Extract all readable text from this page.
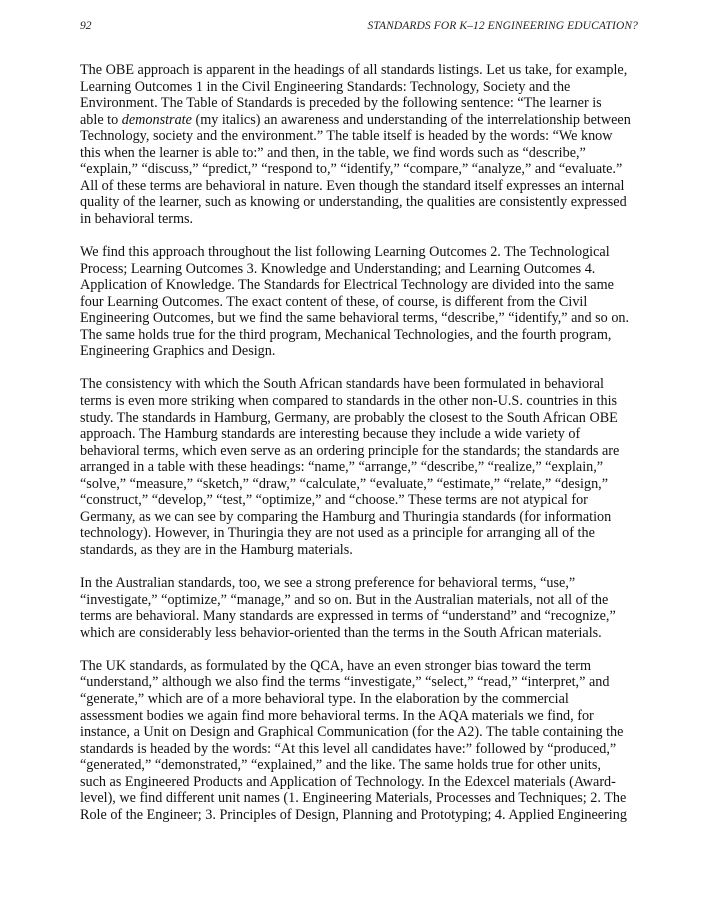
92	STANDARDS FOR K–12 ENGINEERING EDUCATION?

The OBE approach is apparent in the headings of all standards listings. Let us take, for example,
Learning Outcomes 1 in the Civil Engineering Standards: Technology, Society and the
Environment. The Table of Standards is preceded by the following sentence: “The learner is
able to demonstrate (my italics) an awareness and understanding of the interrelationship between
Technology, society and the environment.” The table itself is headed by the words: “We know
this when the learner is able to:” and then, in the table, we find words such as “describe,”
“explain,” “discuss,” “predict,” “respond to,” “identify,” “compare,” “analyze,” and “evaluate.”
All of these terms are behavioral in nature. Even though the standard itself expresses an internal
quality of the learner, such as knowing or understanding, the qualities are consistently expressed
in behavioral terms.

We find this approach throughout the list following Learning Outcomes 2. The Technological
Process; Learning Outcomes 3. Knowledge and Understanding; and Learning Outcomes 4.
Application of Knowledge. The Standards for Electrical Technology are divided into the same
four Learning Outcomes. The exact content of these, of course, is different from the Civil
Engineering Outcomes, but we find the same behavioral terms, “describe,” “identify,” and so on.
The same holds true for the third program, Mechanical Technologies, and the fourth program,
Engineering Graphics and Design.

The consistency with which the South African standards have been formulated in behavioral
terms is even more striking when compared to standards in the other non-U.S. countries in this
study. The standards in Hamburg, Germany, are probably the closest to the South African OBE
approach. The Hamburg standards are interesting because they include a wide variety of
behavioral terms, which even serve as an ordering principle for the standards; the standards are
arranged in a table with these headings: “name,” “arrange,” “describe,” “realize,” “explain,”
“solve,” “measure,” “sketch,” “draw,” “calculate,” “evaluate,” “estimate,” “relate,” “design,”
“construct,” “develop,” “test,” “optimize,” and “choose.” These terms are not atypical for
Germany, as we can see by comparing the Hamburg and Thuringia standards (for information
technology). However, in Thuringia they are not used as a principle for arranging all of the
standards, as they are in the Hamburg materials.

In the Australian standards, too, we see a strong preference for behavioral terms, “use,”
“investigate,” “optimize,” “manage,” and so on. But in the Australian materials, not all of the
terms are behavioral. Many standards are expressed in terms of “understand” and “recognize,”
which are considerably less behavior-oriented than the terms in the South African materials.

The UK standards, as formulated by the QCA, have an even stronger bias toward the term
“understand,” although we also find the terms “investigate,” “select,” “read,” “interpret,” and
“generate,” which are of a more behavioral type. In the elaboration by the commercial
assessment bodies we again find more behavioral terms. In the AQA materials we find, for
instance, a Unit on Design and Graphical Communication (for the A2). The table containing the
standards is headed by the words: “At this level all candidates have:” followed by “produced,”
“generated,” “demonstrated,” “explained,” and the like. The same holds true for other units,
such as Engineered Products and Application of Technology. In the Edexcel materials (Award-
level), we find different unit names (1. Engineering Materials, Processes and Techniques; 2. The
Role of the Engineer; 3. Principles of Design, Planning and Prototyping; 4. Applied Engineering
